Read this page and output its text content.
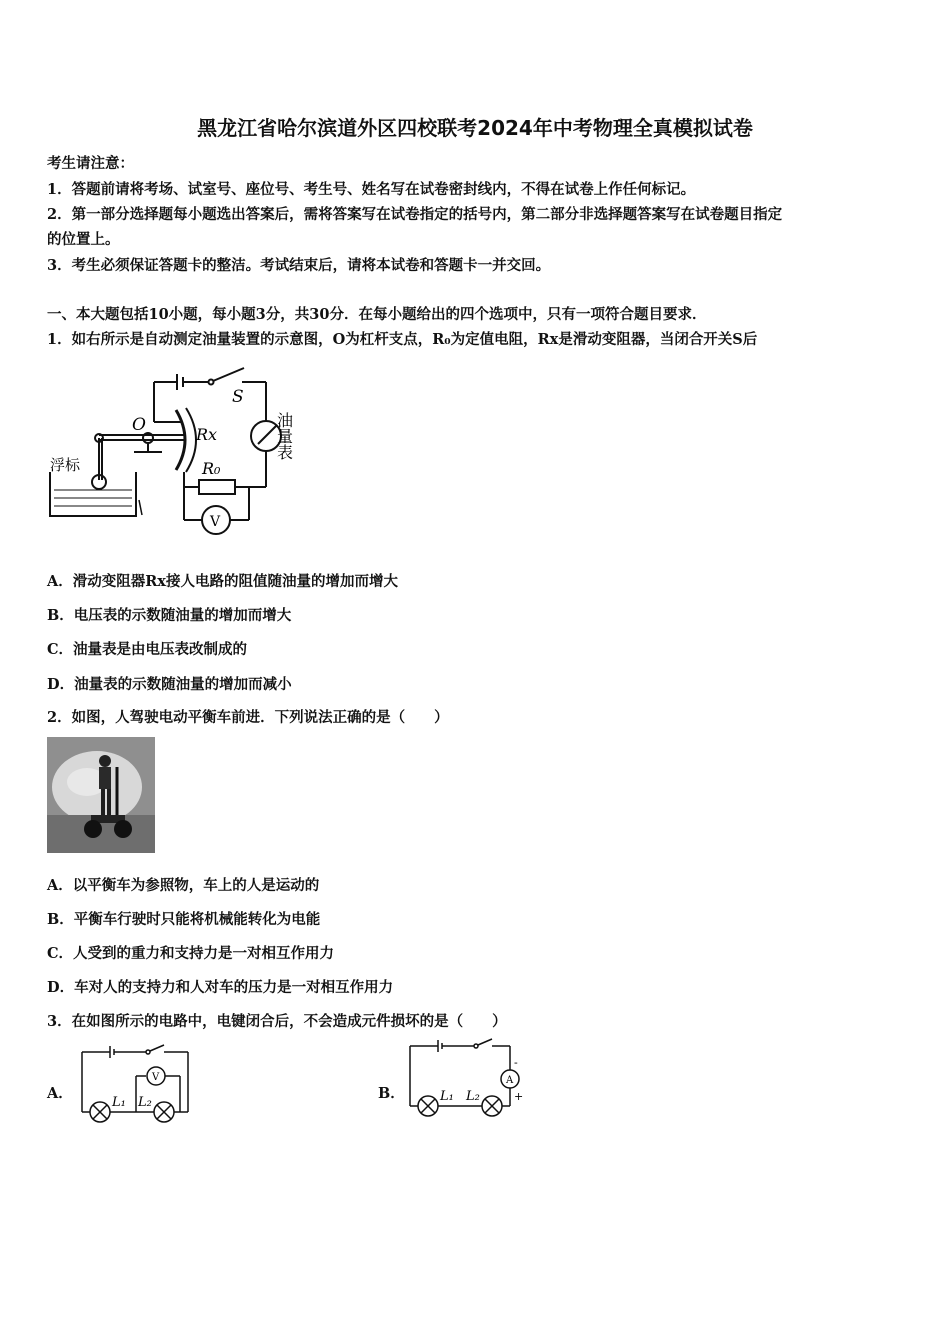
黑龙江省哈尔滨道外区四校联考2024年中考物理全真模拟试卷
考生请注意：
1．答题前请将考场、试室号、座位号、考生号、姓名写在试卷密封线内，不得在试卷上作任何标记。
2．第一部分选择题每小题选出答案后，需将答案写在试卷指定的括号内，第二部分非选择题答案写在试卷题目指定
的位置上。
3．考生必须保证答题卡的整洁。考试结束后，请将本试卷和答题卡一并交回。
一、本大题包括10小题，每小题3分，共30分．在每小题给出的四个选项中，只有一项符合题目要求．
1．如右所示是自动测定油量装置的示意图，O为杠杆支点，R₀为定值电阻，Rx是滑动变阻器，当闭合开关S后
S
O	Rx
R₀
浮标
V
油量表
A．滑动变阻器Rx接人电路的阻值随油量的增加而增大
B．电压表的示数随油量的增加而增大
C．油量表是由电压表改制成的
D．油量表的示数随油量的增加而减小
2．如图，人驾驶电动平衡车前进．下列说法正确的是（　　）
A．以平衡车为参照物，车上的人是运动的
B．平衡车行驶时只能将机械能转化为电能
C．人受到的重力和支持力是一对相互作用力
D．车对人的支持力和人对车的压力是一对相互作用力
3．在如图所示的电路中，电键闭合后，不会造成元件损坏的是（　　）
A．
V
L₁ L₂
B．
A
-
+
L₁ L₂
